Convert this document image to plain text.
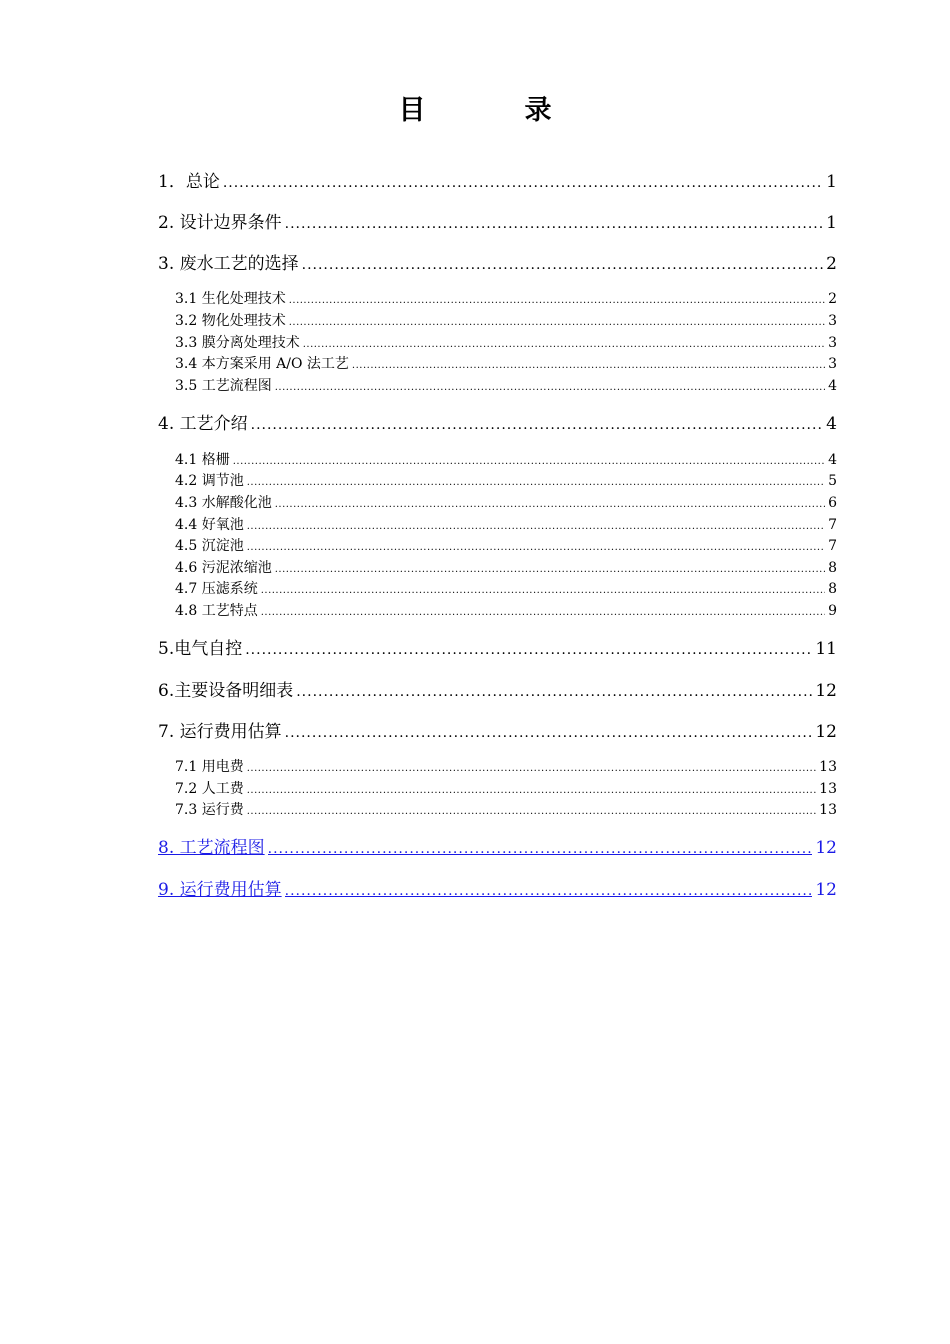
目　录
1．总论 .....	1
2. 设计边界条件 .....	1
3. 废水工艺的选择 .....	2
3.1 生化处理技术 .....	2
3.2 物化处理技术 .....	3
3.3 膜分离处理技术 .....	3
3.4 本方案采用 A/O 法工艺 .....	3
3.5 工艺流程图 .....	4
4. 工艺介绍 .....	4
4.1 格栅 .....	4
4.2 调节池 .....	5
4.3 水解酸化池 .....	6
4.4 好氧池 .....	7
4.5 沉淀池 .....	7
4.6 污泥浓缩池 .....	8
4.7 压滤系统 .....	8
4.8 工艺特点 .....	9
5.电气自控 .....	11
6.主要设备明细表 .....	12
7. 运行费用估算 .....	12
7.1 用电费 .....	13
7.2 人工费 .....	13
7.3 运行费 .....	13
8. 工艺流程图 .....	12
9. 运行费用估算 .....	12
